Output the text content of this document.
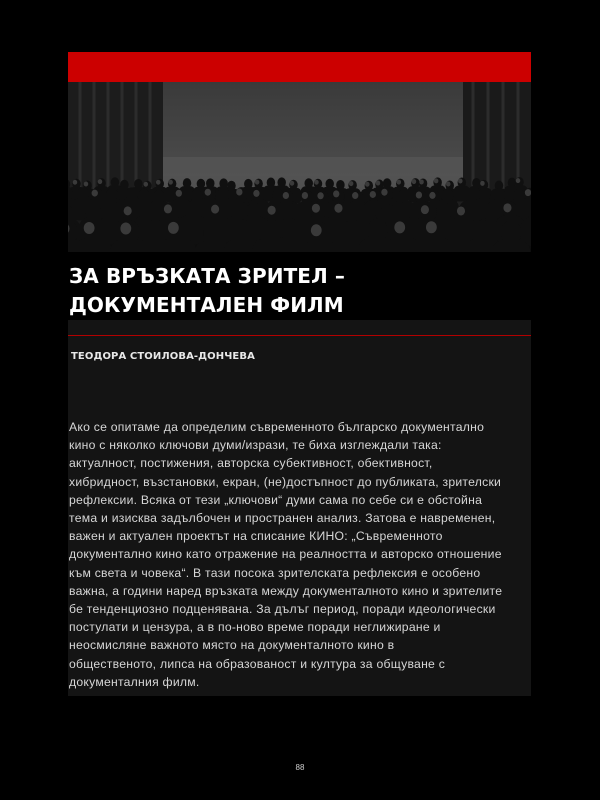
ЗА ВРЪЗКАТА ЗРИТЕЛ –
ДОКУМЕНТАЛЕН ФИЛМ

ТЕОДОРА СТОИЛОВА-ДОНЧЕВА

Ако се опитаме да определим съвременното българско документално
кино с няколко ключови думи/изрази, те биха изглеждали така:
актуалност, постижения, авторска субективност, обективност,
хибридност, възстановки, екран, (не)достъпност до публиката, зрителски
рефлексии. Всяка от тези „ключови“ думи сама по себе си е обстойна
тема и изисква задълбочен и пространен анализ. Затова е навременен,
важен и актуален проектът на списание КИНО: „Съвременното
документално кино като отражение на реалността и авторско отношение
към света и човека“. В тази посока зрителската рефлексия е особено
важна, а години наред връзката между документалното кино и зрителите
бе тенденциозно подценявана. За дълъг период, поради идеологически
постулати и цензура, а в по-ново време поради неглижиране и
неосмисляне важното място на документалното кино в
общественото, липса на образованост и култура за общуване с
документалния филм.

88
